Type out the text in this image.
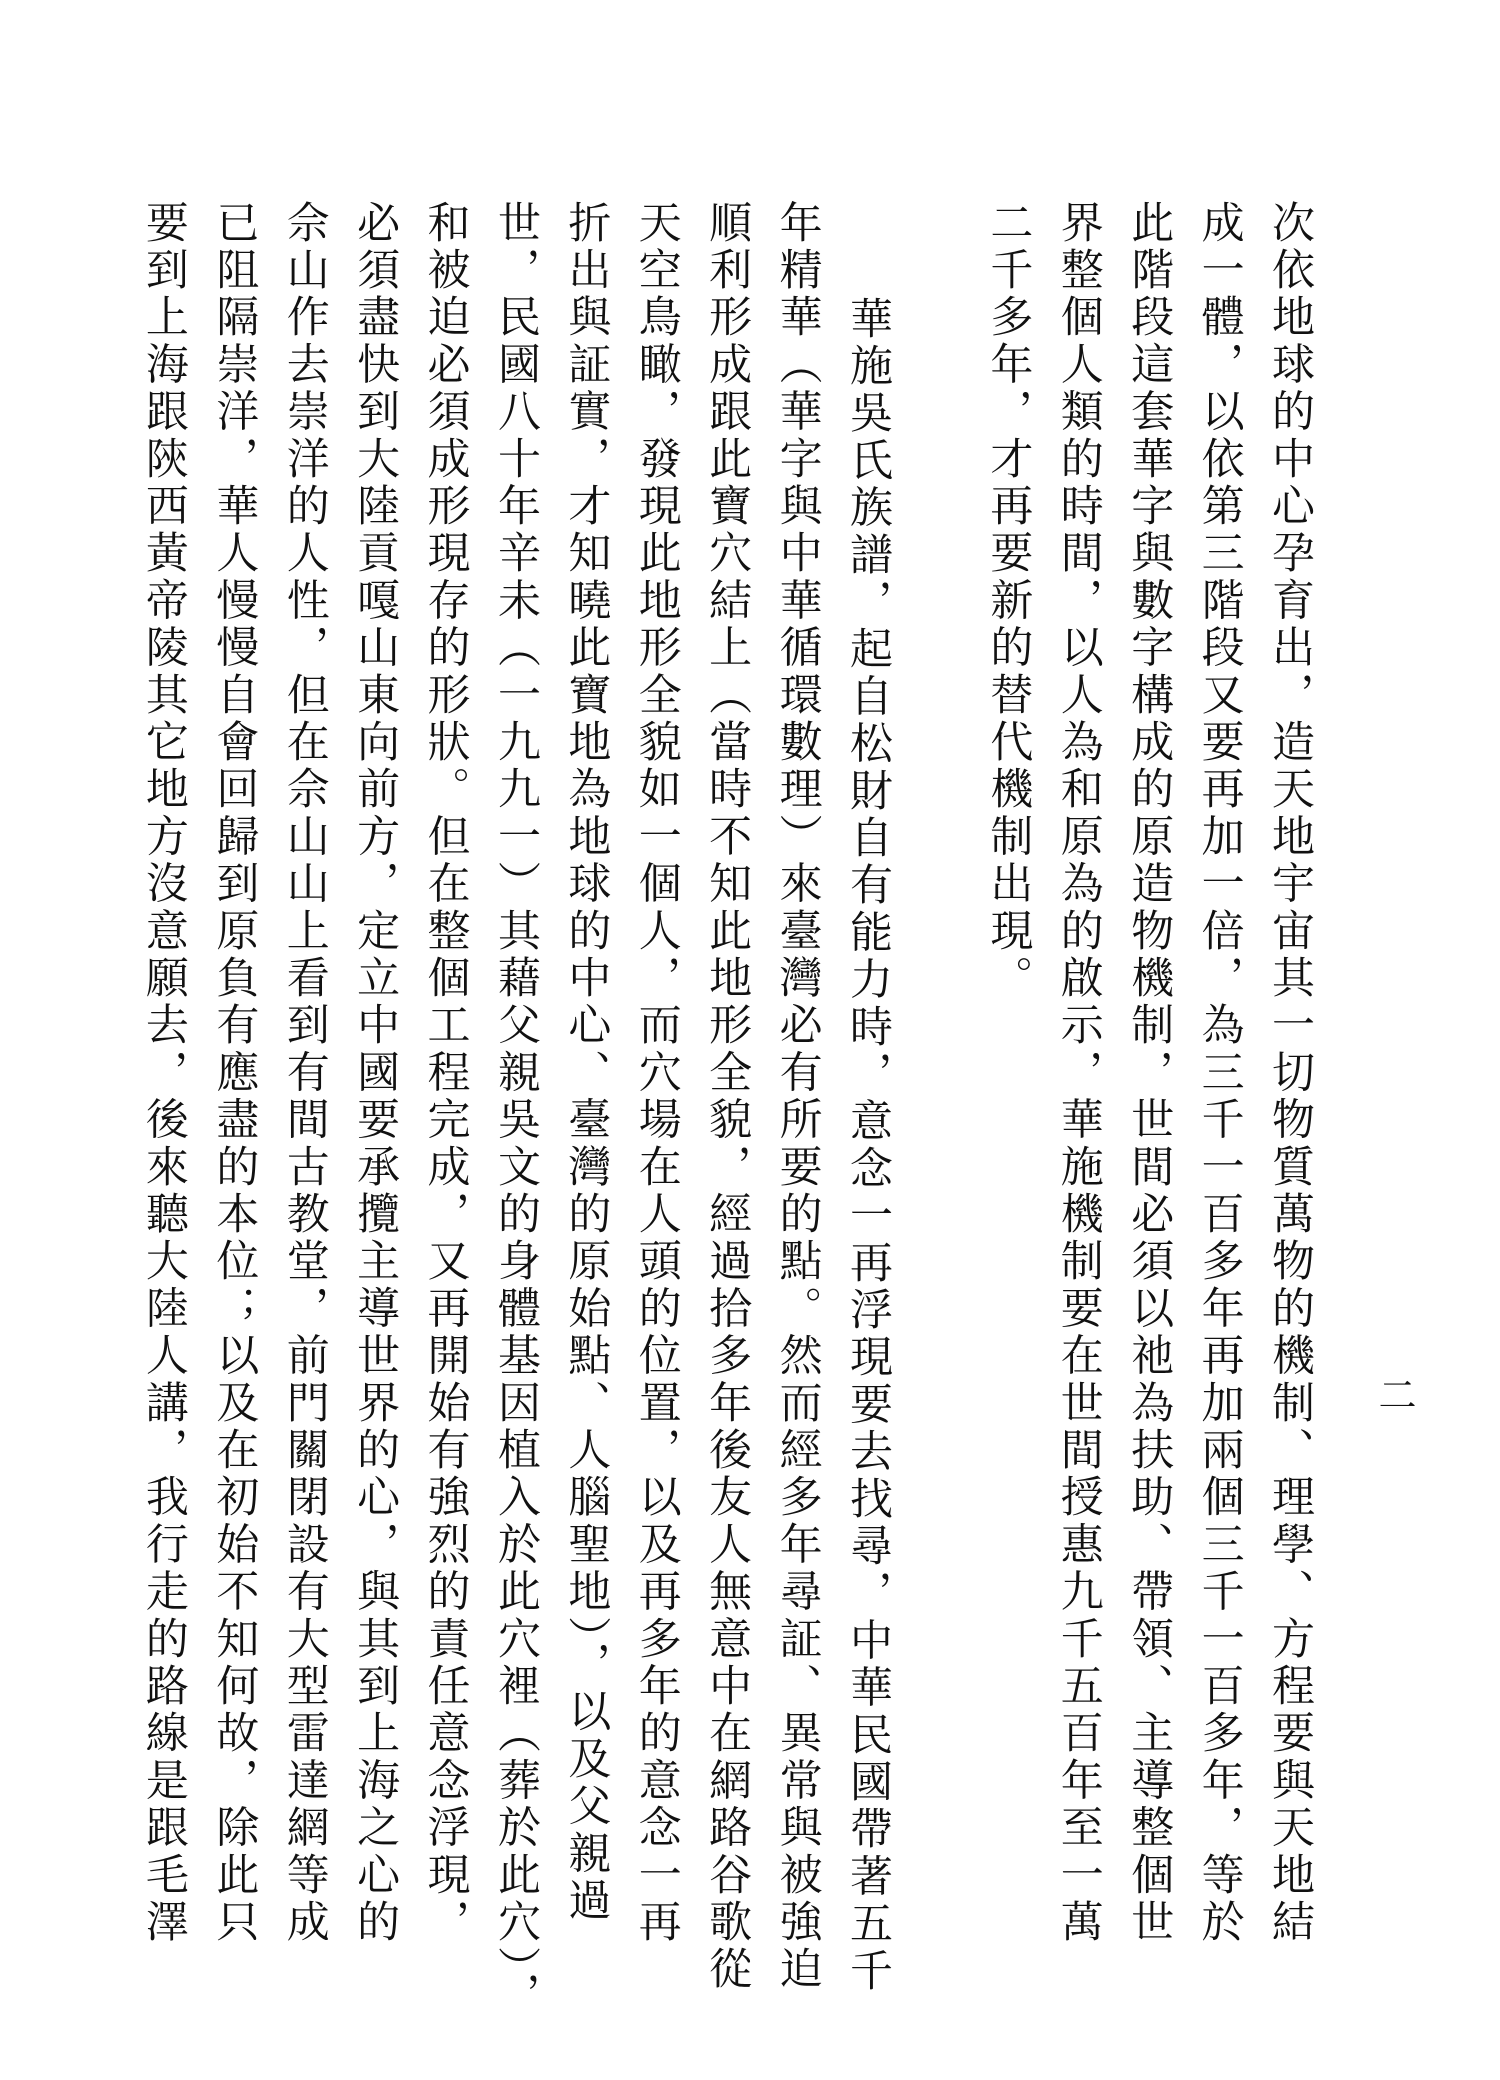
二
次依地球的中心孕育出，造天地宇宙其一切物質萬物的機制、理學、方程要與天地結
成一體，以依第三階段又要再加一倍，為三千一百多年再加兩個三千一百多年，等於
此階段這套華字與數字構成的原造物機制，世間必須以祂為扶助、帶領、主導整個世
界整個人類的時間，以人為和原為的啟示，華施機制要在世間授惠九千五百年至一萬
二千多年，才再要新的替代機制出現。
華施吳氏族譜，起自松財自有能力時，意念一再浮現要去找尋，中華民國帶著五千
年精華（華字與中華循環數理）來臺灣必有所要的點。然而經多年尋証、異常與被強迫
順利形成跟此寶穴結上（當時不知此地形全貌，經過拾多年後友人無意中在網路谷歌從
天空鳥瞰，發現此地形全貌如一個人，而穴場在人頭的位置，以及再多年的意念一再
折出與証實，才知曉此寶地為地球的中心、臺灣的原始點、人腦聖地），以及父親過
世，民國八十年辛未（一九九一）其藉父親吳文的身體基因植入於此穴裡（葬於此穴），
和被迫必須成形現存的形狀。但在整個工程完成，又再開始有強烈的責任意念浮現，
必須盡快到大陸貢嘎山東向前方，定立中國要承攬主導世界的心，與其到上海之心的
佘山作去崇洋的人性，但在佘山山上看到有間古教堂，前門關閉設有大型雷達網等成
已阻隔崇洋，華人慢慢自會回歸到原負有應盡的本位；以及在初始不知何故，除此只
要到上海跟陝西黃帝陵其它地方沒意願去，後來聽大陸人講，我行走的路線是跟毛澤
